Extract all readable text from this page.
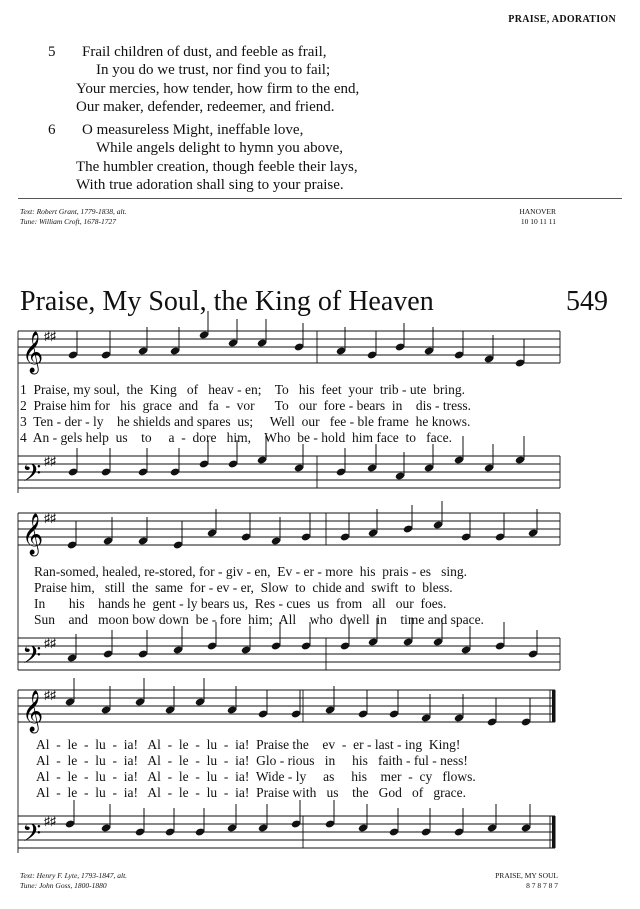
PRAISE, ADORATION
5 Frail children of dust, and feeble as frail,
In you do we trust, nor find you to fail;
Your mercies, how tender, how firm to the end,
Our maker, defender, redeemer, and friend.
6 O measureless Might, ineffable love,
While angels delight to hymn you above,
The humbler creation, though feeble their lays,
With true adoration shall sing to your praise.
Text: Robert Grant, 1779-1838, alt.
Tune: William Croft, 1678-1727
HANOVER
10 10 11 11
Praise, My Soul, the King of Heaven	549
𝄞
𝄢
♯♯
♯♯
1  Praise, my soul,  the  King   of   heav - en;    To   his  feet  your  trib - ute  bring.
2  Praise him for   his  grace  and   fa  -  vor      To   our  fore - bears  in    dis - tress.
3  Ten - der - ly    he shields and spares  us;     Well  our   fee - ble frame  he knows.
4  An - gels help  us    to     a  -  dore   him,    Who  be - hold  him face  to   face.
𝄞
𝄢
♯♯
♯♯
Ran-somed, healed, re-stored, for - giv - en,  Ev - er - more  his  prais - es   sing.
Praise him,   still  the  same  for - ev - er,  Slow  to  chide and  swift  to  bless.
In       his    hands he  gent - ly bears us,  Res - cues  us  from   all   our  foes.
Sun    and   moon bow down  be - fore  him;  All    who  dwell  in    time and space.
𝄞
𝄢
♯♯
♯♯
Al  -  le  -  lu  -  ia!   Al  -  le  -  lu  -  ia!  Praise the    ev  -  er - last - ing  King!
Al  -  le  -  lu  -  ia!   Al  -  le  -  lu  -  ia!  Glo - rious   in     his   faith - ful - ness!
Al  -  le  -  lu  -  ia!   Al  -  le  -  lu  -  ia!  Wide - ly     as     his    mer  -  cy   flows.
Al  -  le  -  lu  -  ia!   Al  -  le  -  lu  -  ia!  Praise with   us    the   God   of   grace.
Text: Henry F. Lyte, 1793-1847, alt.
Tune: John Goss, 1800-1880
PRAISE, MY SOUL
8 7 8 7 8 7
